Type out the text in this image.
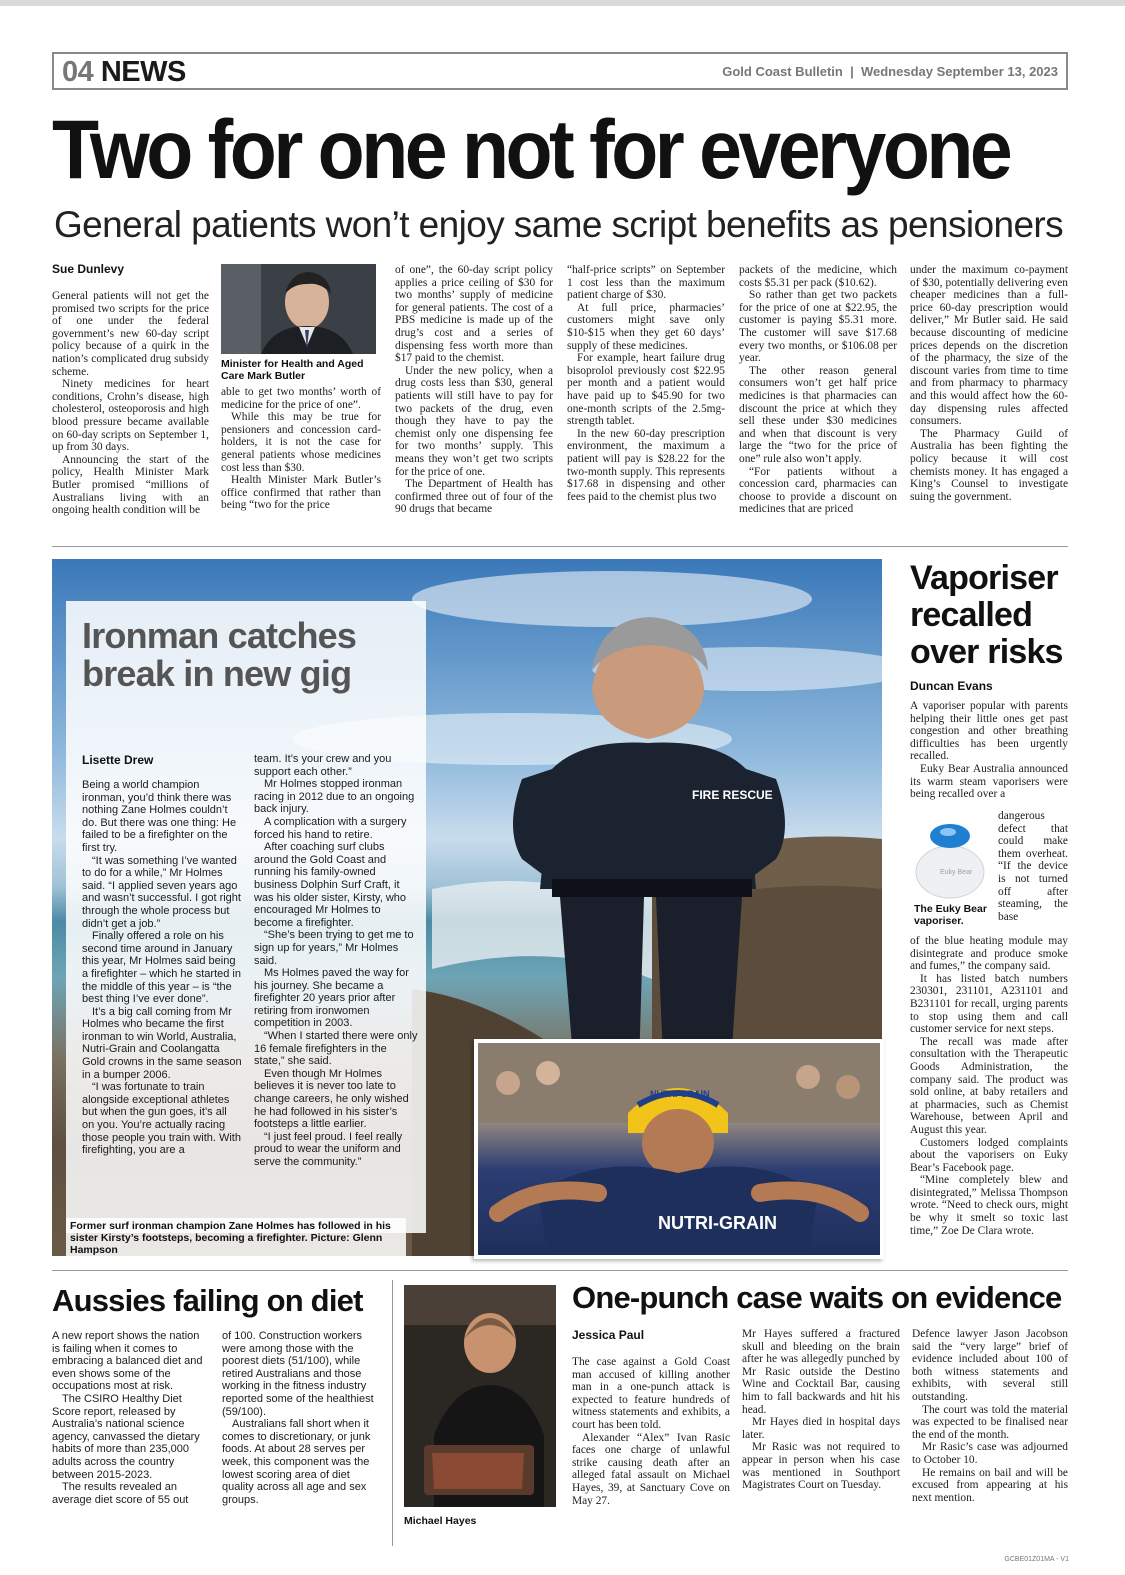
04 NEWS	Gold Coast Bulletin | Wednesday September 13, 2023
Two for one not for everyone
General patients won’t enjoy same script benefits as pensioners
Sue Dunlevy

General patients will not get the promised two scripts for the price of one under the federal government’s new 60-day script policy because of a quirk in the nation’s complicated drug subsidy scheme.

Ninety medicines for heart conditions, Crohn’s disease, high cholesterol, osteoporosis and high blood pressure became available on 60-day scripts on September 1, up from 30 days.

Announcing the start of the policy, Health Minister Mark Butler promised “millions of Australians living with an ongoing health condition will be

Minister for Health and Aged Care Mark Butler

able to get two months’ worth of medicine for the price of one”.

While this may be true for pensioners and concession card-holders, it is not the case for general patients whose medicines cost less than $30.

Health Minister Mark Butler’s office confirmed that rather than being “two for the price

of one”, the 60-day script policy applies a price ceiling of $30 for two months’ supply of medicine for general patients. The cost of a PBS medicine is made up of the drug’s cost and a series of dispensing fess worth more than $17 paid to the chemist.

Under the new policy, when a drug costs less than $30, general patients will still have to pay for two packets of the drug, even though they have to pay the chemist only one dispensing fee for two months’ supply. This means they won’t get two scripts for the price of one.

The Department of Health has confirmed three out of four of the 90 drugs that became

“half-price scripts” on September 1 cost less than the maximum patient charge of $30.

At full price, pharmacies’ customers might save only $10-$15 when they get 60 days’ supply of these medicines.

For example, heart failure drug bisoprolol previously cost $22.95 per month and a patient would have paid up to $45.90 for two one-month scripts of the 2.5mg-strength tablet.

In the new 60-day prescription environment, the maximum a patient will pay is $28.22 for the two-month supply. This represents $17.68 in dispensing and other fees paid to the chemist plus two

packets of the medicine, which costs $5.31 per pack ($10.62).

So rather than get two packets for the price of one at $22.95, the customer is paying $5.31 more. The customer will save $17.68 every two months, or $106.08 per year.

The other reason general consumers won’t get half price medicines is that pharmacies can discount the price at which they sell these under $30 medicines and when that discount is very large the “two for the price of one” rule also won’t apply.

“For patients without a concession card, pharmacies can choose to provide a discount on medicines that are priced

under the maximum co-payment of $30, potentially delivering even cheaper medicines than a full-price 60-day prescription would deliver,” Mr Butler said. He said because discounting of medicine prices depends on the discretion of the pharmacy, the size of the discount varies from time to time and from pharmacy to pharmacy and this would affect how the 60-day dispensing rules affected consumers.

The Pharmacy Guild of Australia has been fighting the policy because it will cost chemists money. It has engaged a King’s Counsel to investigate suing the government.

FIRE RESCUE
Ironman catches break in new gig
Lisette Drew

Being a world champion ironman, you’d think there was nothing Zane Holmes couldn’t do. But there was one thing: He failed to be a firefighter on the first try.

“It was something I’ve wanted to do for a while,” Mr Holmes said. “I applied seven years ago and wasn’t successful. I got right through the whole process but didn’t get a job.”

Finally offered a role on his second time around in January this year, Mr Holmes said being a firefighter – which he started in the middle of this year – is “the best thing I’ve ever done”.

It’s a big call coming from Mr Holmes who became the first ironman to win World, Australia, Nutri-Grain and Coolangatta Gold crowns in the same season in a bumper 2006.

“I was fortunate to train alongside exceptional athletes but when the gun goes, it’s all on you. You’re actually racing those people you train with. With firefighting, you are a

team. It’s your crew and you support each other.”

Mr Holmes stopped ironman racing in 2012 due to an ongoing back injury.

A complication with a surgery forced his hand to retire.

After coaching surf clubs around the Gold Coast and running his family-owned business Dolphin Surf Craft, it was his older sister, Kirsty, who encouraged Mr Holmes to become a firefighter.

“She’s been trying to get me to sign up for years,” Mr Holmes said.

Ms Holmes paved the way for his journey. She became a firefighter 20 years prior after retiring from ironwomen competition in 2003.

“When I started there were only 16 female firefighters in the state,” she said.

Even though Mr Holmes believes it is never too late to change careers, he only wished he had followed in his sister’s footsteps a little earlier.

“I just feel proud. I feel really proud to wear the uniform and serve the community.”

NUTRI-GRAIN
NUTRI-GRAIN
Former surf ironman champion Zane Holmes has followed in his sister Kirsty’s footsteps, becoming a firefighter. Picture: Glenn Hampson
Vaporiser recalled over risks
Duncan Evans

A vaporiser popular with parents helping their little ones get past congestion and other breathing difficulties has been urgently recalled.

Euky Bear Australia announced its warm steam vaporisers were being recalled over a

Euky Bear
The Euky Bear vaporiser.

dangerous defect that could make them overheat. “If the device is not turned off after steaming, the base

of the blue heating module may disintegrate and produce smoke and fumes,” the company said.

It has listed batch numbers 230301, 231101, A231101 and B231101 for recall, urging parents to stop using them and call customer service for next steps.

The recall was made after consultation with the Therapeutic Goods Administration, the company said. The product was sold online, at baby retailers and at pharmacies, such as Chemist Warehouse, between April and August this year.

Customers lodged complaints about the vaporisers on Euky Bear’s Facebook page.

“Mine completely blew and disintegrated,” Melissa Thompson wrote. “Need to check ours, might be why it smelt so toxic last time,” Zoe De Clara wrote.

Aussies failing on diet

A new report shows the nation is failing when it comes to embracing a balanced diet and even shows some of the occupations most at risk.

The CSIRO Healthy Diet Score report, released by Australia’s national science agency, canvassed the dietary habits of more than 235,000 adults across the country between 2015-2023.

The results revealed an average diet score of 55 out

of 100. Construction workers were among those with the poorest diets (51/100), while retired Australians and those working in the fitness industry reported some of the healthiest (59/100).

Australians fall short when it comes to discretionary, or junk foods. At about 28 serves per week, this component was the lowest scoring area of diet quality across all age and sex groups.

Michael Hayes
One-punch case waits on evidence
Jessica Paul

The case against a Gold Coast man accused of killing another man in a one-punch attack is expected to feature hundreds of witness statements and exhibits, a court has been told.

Alexander “Alex” Ivan Rasic faces one charge of unlawful strike causing death after an alleged fatal assault on Michael Hayes, 39, at Sanctuary Cove on May 27.

Mr Hayes suffered a fractured skull and bleeding on the brain after he was allegedly punched by Mr Rasic outside the Destino Wine and Cocktail Bar, causing him to fall backwards and hit his head.

Mr Hayes died in hospital days later.

Mr Rasic was not required to appear in person when his case was mentioned in Southport Magistrates Court on Tuesday.

Defence lawyer Jason Jacobson said the “very large” brief of evidence included about 100 of both witness statements and exhibits, with several still outstanding.

The court was told the material was expected to be finalised near the end of the month.

Mr Rasic’s case was adjourned to October 10.

He remains on bail and will be excused from appearing at his next mention.

GCBE01Z01MA - V1
